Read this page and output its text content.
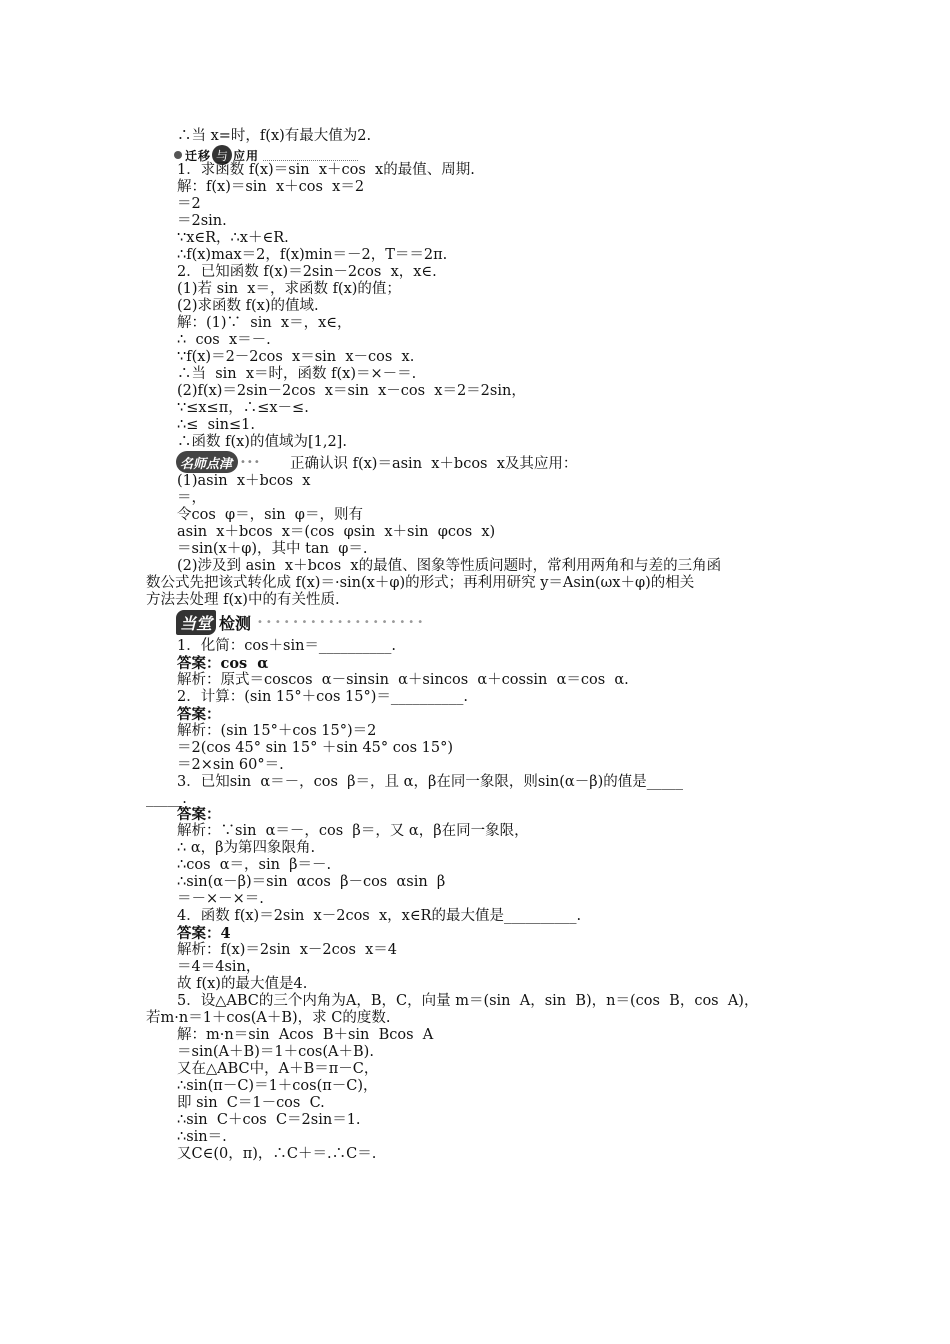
∴当 x=时，f(x)有最大值为2.
迁移 与 应用
1．求函数 f(x)＝sin  x＋cos  x的最值、周期.
解：f(x)＝sin  x＋cos  x＝2
＝2
＝2sin.
∵x∈R，∴x＋∈R.
∴f(x)max＝2，f(x)min＝－2，T＝＝2π.
2．已知函数 f(x)＝2sin－2cos  x，x∈.
(1)若 sin  x＝，求函数 f(x)的值；
(2)求函数 f(x)的值域.
解：(1)∵  sin  x＝，x∈，
∴  cos  x＝－.
∵f(x)＝2－2cos  x＝sin  x－cos  x.
∴当  sin  x＝时，函数 f(x)＝×－＝.
(2)f(x)＝2sin－2cos  x＝sin  x－cos  x＝2＝2sin，
∵≤x≤π，∴≤x－≤.
∴≤  sin≤1.
∴函数 f(x)的值域为[1,2].
名师点津 ••• 正确认识 f(x)＝asin  x＋bcos  x及其应用：
(1)asin  x＋bcos  x
＝，
令cos  φ＝，sin  φ＝，则有
asin  x＋bcos  x＝(cos  φsin  x＋sin  φcos  x)
＝sin(x＋φ)，其中 tan  φ＝.
(2)涉及到 asin  x＋bcos  x的最值、图象等性质问题时，常利用两角和与差的三角函
数公式先把该式转化成 f(x)＝·sin(x＋φ)的形式；再利用研究 y＝Asin(ωx＋φ)的相关
方法去处理 f(x)中的有关性质.
当堂 检测 •••••••••••••••••••
1．化简：cos＋sin＝__________.
答案：cos  α
解析：原式＝coscos  α－sinsin  α＋sincos  α＋cossin  α＝cos  α.
2．计算：(sin 15°＋cos 15°)＝__________.
答案：
解析：(sin 15°＋cos 15°)＝2
＝2(cos 45° sin 15° ＋sin 45° cos 15°)
＝2×sin 60°＝.
3．已知sin  α＝－，cos  β＝，且 α，β在同一象限，则sin(α－β)的值是_____
_____.
答案：
解析：∵sin  α＝－，cos  β＝，又 α，β在同一象限，
∴ α，β为第四象限角.
∴cos  α＝，sin  β＝－.
∴sin(α－β)＝sin  αcos  β－cos  αsin  β
＝－×－×＝.
4．函数 f(x)＝2sin  x－2cos  x，x∈R的最大值是__________.
答案：4
解析：f(x)＝2sin  x－2cos  x＝4
＝4＝4sin，
故 f(x)的最大值是4.
5．设△ABC的三个内角为A，B，C，向量 m＝(sin  A，sin  B)，n＝(cos  B，cos  A)，
若m·n＝1＋cos(A＋B)，求 C的度数.
解：m·n＝sin  Acos  B＋sin  Bcos  A
＝sin(A＋B)＝1＋cos(A＋B).
又在△ABC中，A＋B＝π－C，
∴sin(π－C)＝1＋cos(π－C)，
即 sin  C＝1－cos  C.
∴sin  C＋cos  C＝2sin＝1.
∴sin＝.
又C∈(0，π)，∴C＋＝.∴C＝.
